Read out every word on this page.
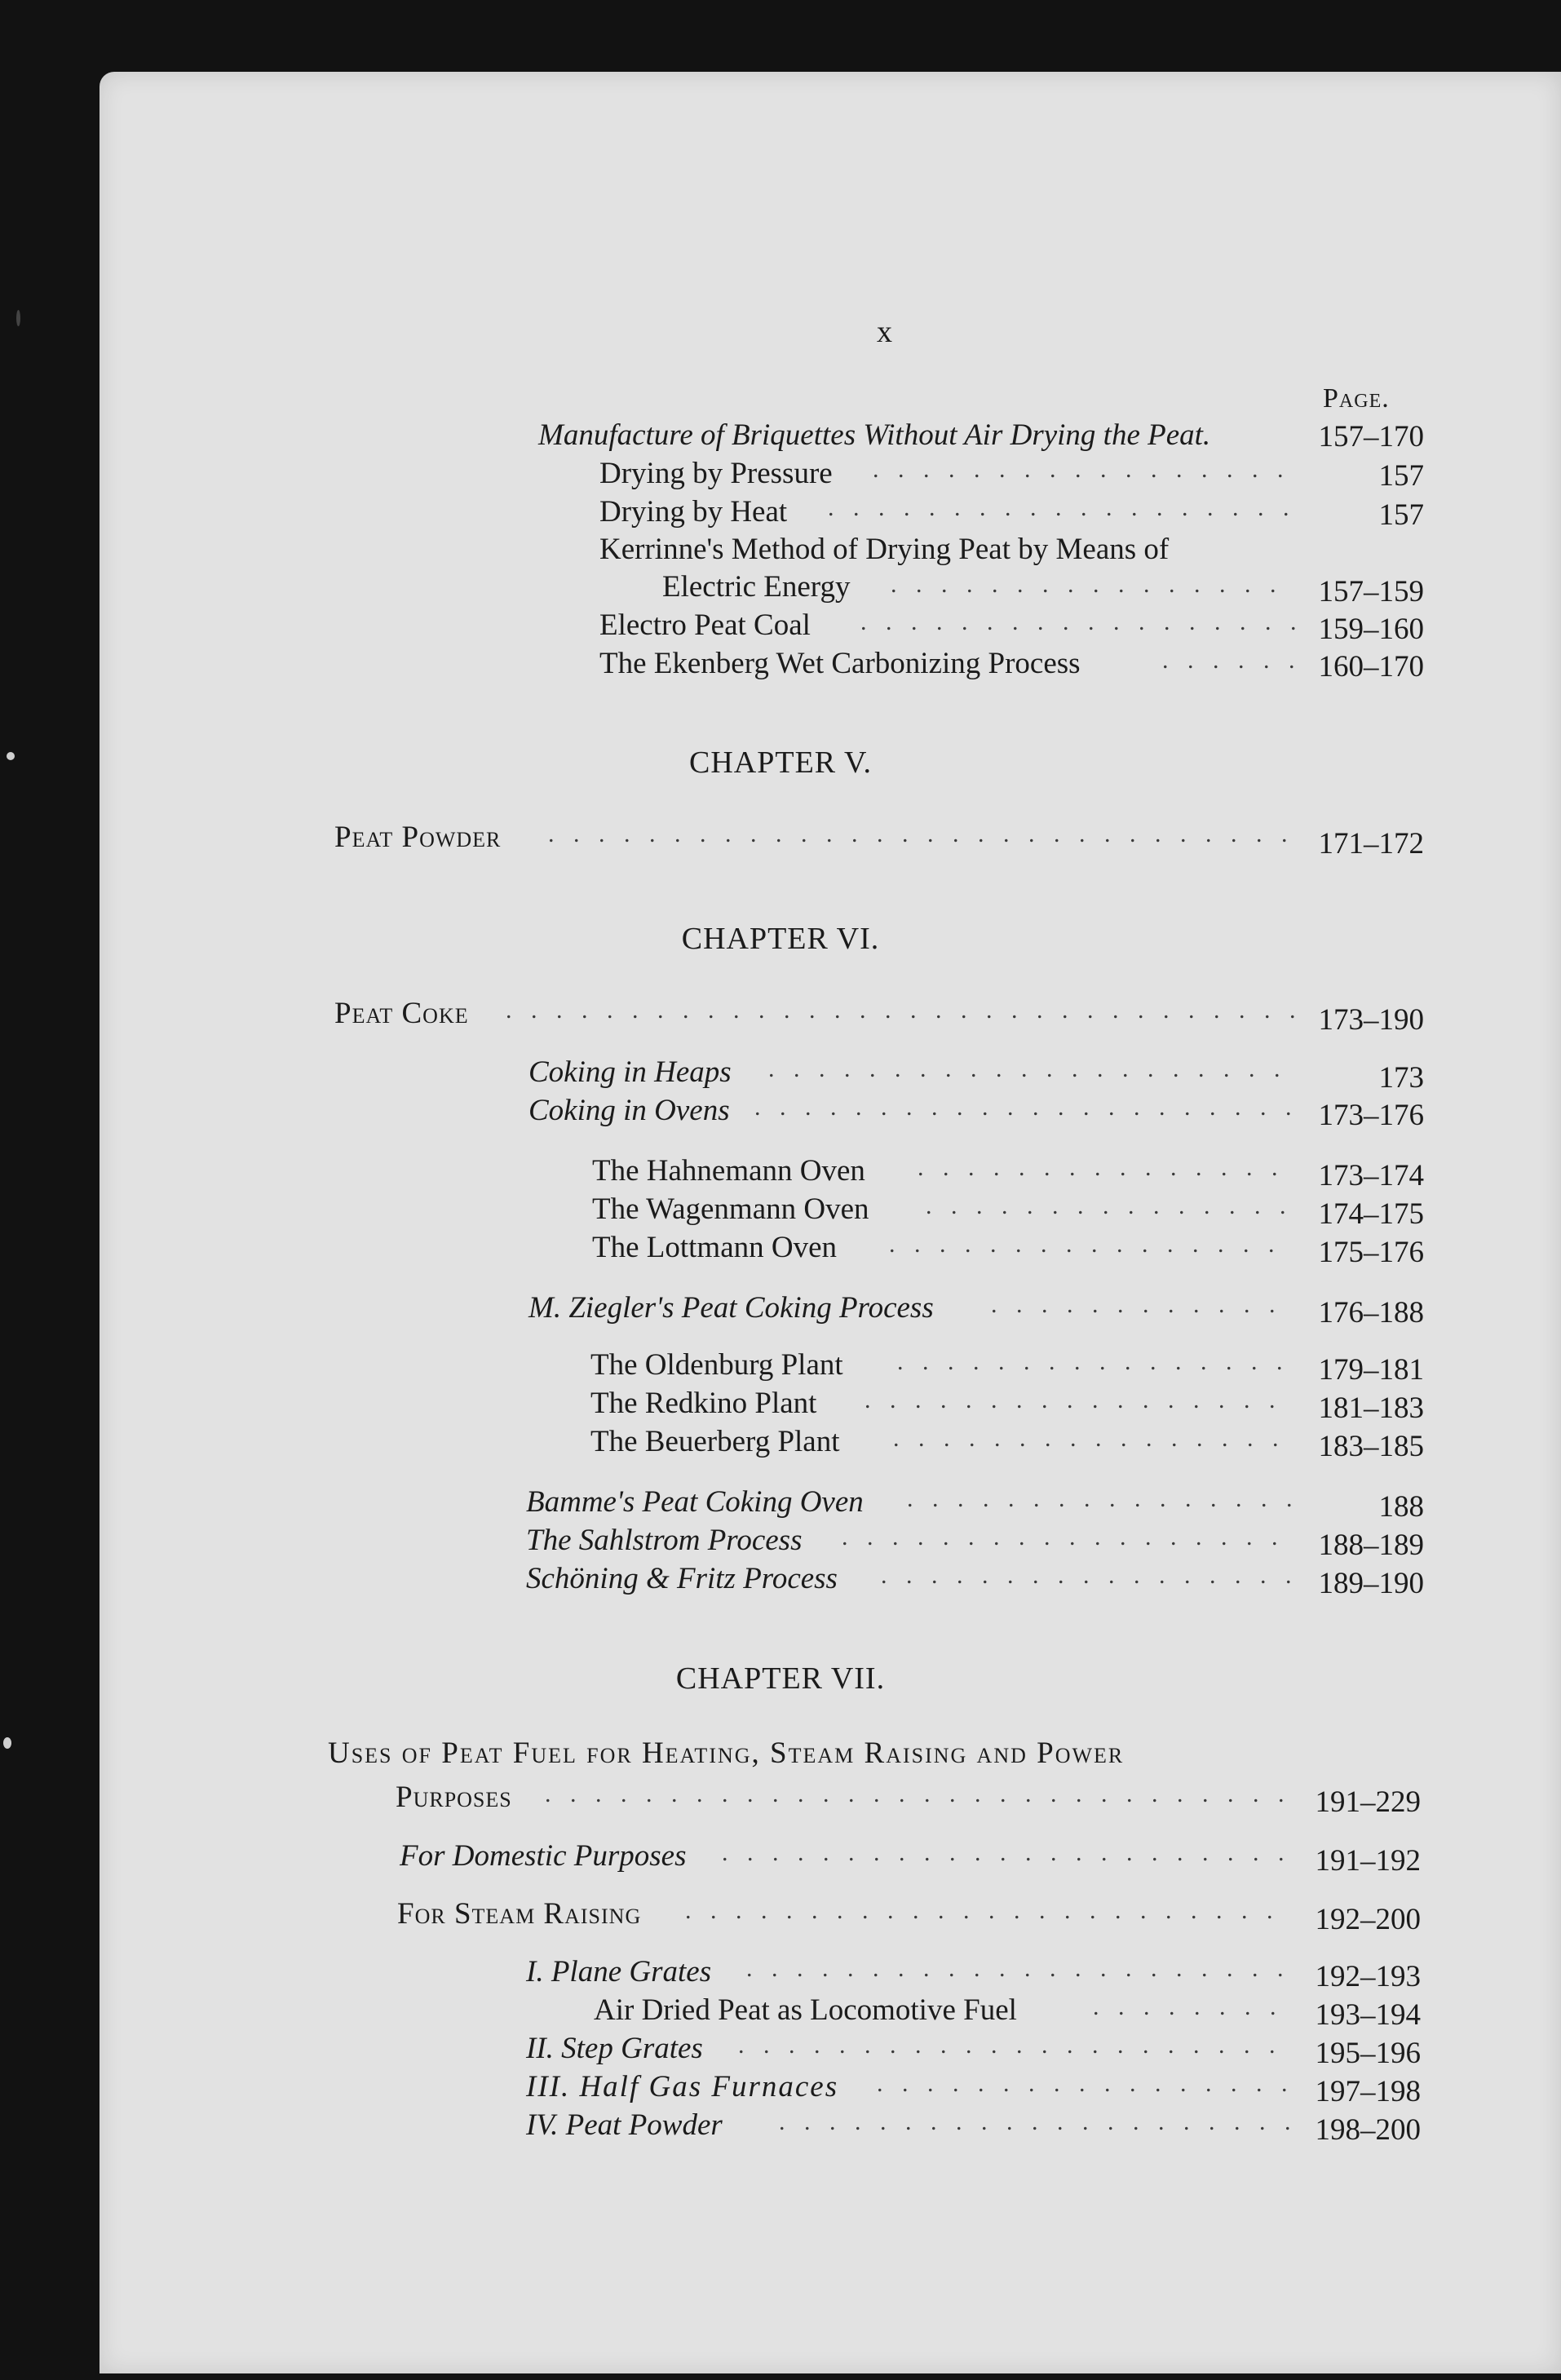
x
Page.
Manufacture of Briquettes Without Air Drying the Peat.	157–170
Drying by Pressure . . .	157
Drying by Heat . . .	157
Kerrinne's Method of Drying Peat by Means of
Electric Energy . . .	157–159
Electro Peat Coal . . .	159–160
The Ekenberg Wet Carbonizing Process . . .	160–170
CHAPTER V.
Peat Powder . . .	171–172
CHAPTER VI.
Peat Coke . . .	173–190
Coking in Heaps . . .	173
Coking in Ovens . . .	173–176
The Hahnemann Oven . . .	173–174
The Wagenmann Oven . . .	174–175
The Lottmann Oven . . .	175–176
M. Ziegler's Peat Coking Process . . .	176–188
The Oldenburg Plant . . .	179–181
The Redkino Plant . . .	181–183
The Beuerberg Plant . . .	183–185
Bamme's Peat Coking Oven . . .	188
The Sahlstrom Process . . .	188–189
Schöning & Fritz Process . . .	189–190
CHAPTER VII.
Uses of Peat Fuel for Heating, Steam Raising and Power
Purposes . . .	191–229
For Domestic Purposes . . .	191–192
For Steam Raising . . .	192–200
I. Plane Grates . . .	192–193
Air Dried Peat as Locomotive Fuel . . .	193–194
II. Step Grates . . .	195–196
III. Half Gas Furnaces . . .	197–198
IV. Peat Powder . . .	198–200
